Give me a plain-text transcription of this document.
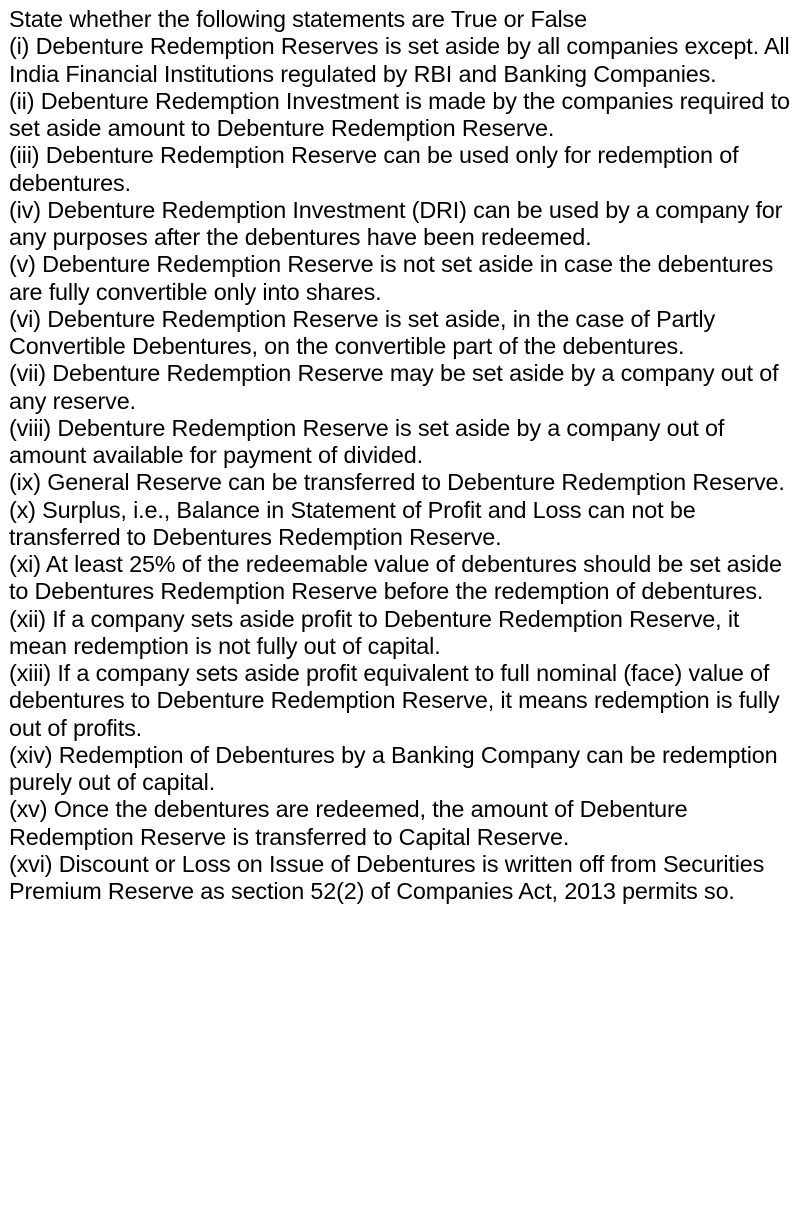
State whether the following statements are True or False

(i) Debenture Redemption Reserves is set aside by all companies except. All India Financial Institutions regulated by RBI and Banking Companies.

(ii) Debenture Redemption Investment is made by the companies required to set aside amount to Debenture Redemption Reserve.

(iii) Debenture Redemption Reserve can be used only for redemption of debentures.

(iv) Debenture Redemption Investment (DRI) can be used by a company for any purposes after the debentures have been redeemed.

(v) Debenture Redemption Reserve is not set aside in case the debentures are fully convertible only into shares.

(vi) Debenture Redemption Reserve is set aside, in the case of Partly Convertible Debentures, on the convertible part of the debentures.

(vii) Debenture Redemption Reserve may be set aside by a company out of any reserve.

(viii) Debenture Redemption Reserve is set aside by a company out of amount available for payment of divided.

(ix) General Reserve can be transferred to Debenture Redemption Reserve.

(x) Surplus, i.e., Balance in Statement of Profit and Loss can not be transferred to Debentures Redemption Reserve.

(xi) At least 25% of the redeemable value of debentures should be set aside to Debentures Redemption Reserve before the redemption of debentures.

(xii) If a company sets aside profit to Debenture Redemption Reserve, it mean redemption is not fully out of capital.

(xiii) If a company sets aside profit equivalent to full nominal (face) value of debentures to Debenture Redemption Reserve, it means redemption is fully out of profits.

(xiv) Redemption of Debentures by a Banking Company can be redemption purely out of capital.

(xv) Once the debentures are redeemed, the amount of Debenture Redemption Reserve is transferred to Capital Reserve.

(xvi) Discount or Loss on Issue of Debentures is written off from Securities Premium Reserve as section 52(2) of Companies Act, 2013 permits so.
